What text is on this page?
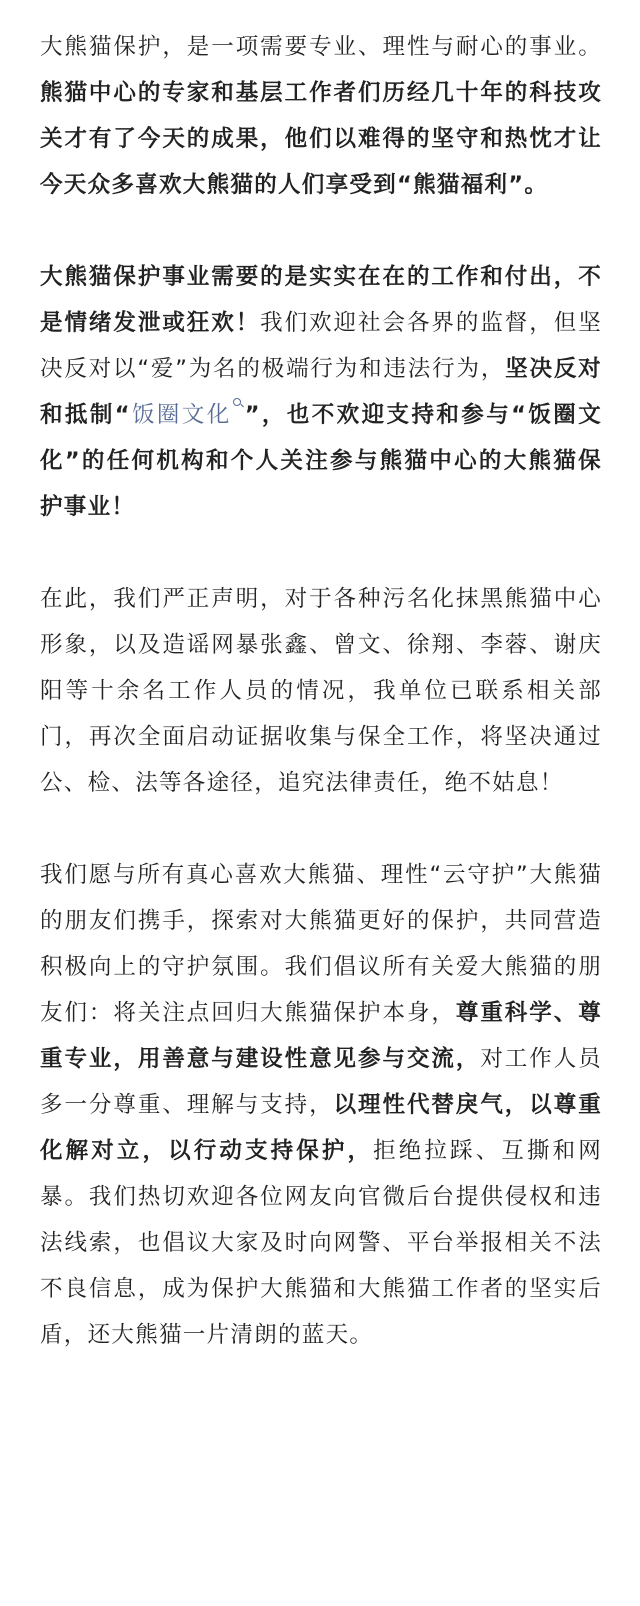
大熊猫保护，是一项需要专业、理性与耐心的事业。熊猫中心的专家和基层工作者们历经几十年的科技攻关才有了今天的成果，他们以难得的坚守和热忱才让今天众多喜欢大熊猫的人们享受到“熊猫福利”。

大熊猫保护事业需要的是实实在在的工作和付出，不是情绪发泄或狂欢！我们欢迎社会各界的监督，但坚决反对以“爱”为名的极端行为和违法行为，坚决反对和抵制“饭圈文化 ”，也不欢迎支持和参与“饭圈文化”的任何机构和个人关注参与熊猫中心的大熊猫保护事业！

在此，我们严正声明，对于各种污名化抹黑熊猫中心形象，以及造谣网暴张鑫、曾文、徐翔、李蓉、谢庆阳等十余名工作人员的情况，我单位已联系相关部门，再次全面启动证据收集与保全工作，将坚决通过公、检、法等各途径，追究法律责任，绝不姑息！

我们愿与所有真心喜欢大熊猫、理性“云守护”大熊猫的朋友们携手，探索对大熊猫更好的保护，共同营造积极向上的守护氛围。我们倡议所有关爱大熊猫的朋友们：将关注点回归大熊猫保护本身，尊重科学、尊重专业，用善意与建设性意见参与交流，对工作人员多一分尊重、理解与支持，以理性代替戾气，以尊重化解对立，以行动支持保护，拒绝拉踩、互撕和网暴。我们热切欢迎各位网友向官微后台提供侵权和违法线索，也倡议大家及时向网警、平台举报相关不法不良信息，成为保护大熊猫和大熊猫工作者的坚实后盾，还大熊猫一片清朗的蓝天。
